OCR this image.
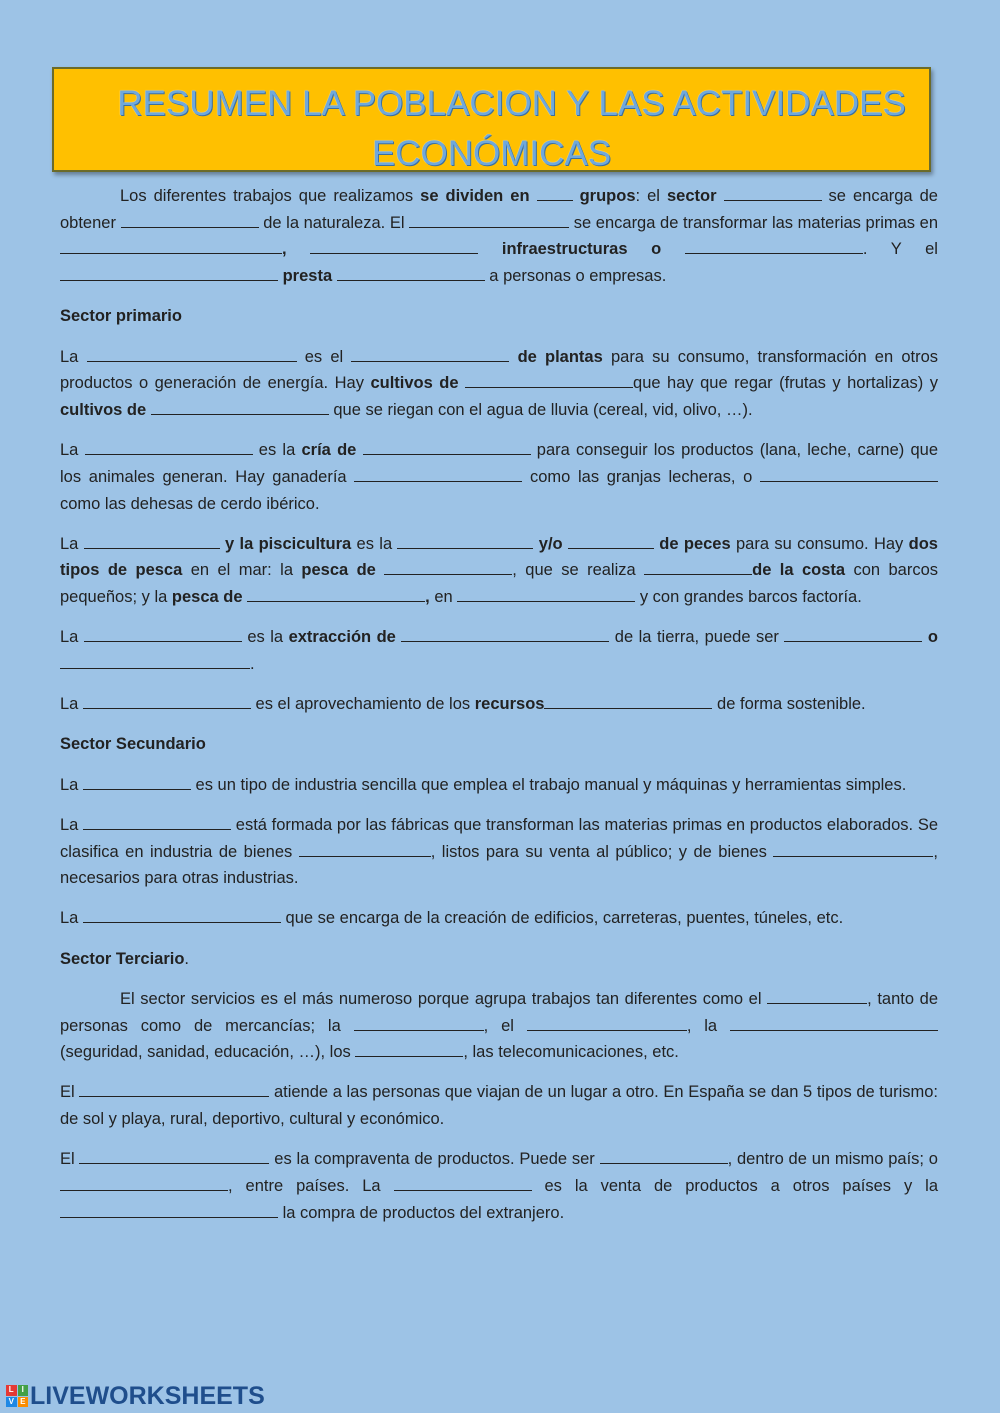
RESUMEN LA POBLACION Y LAS ACTIVIDADES
ECONÓMICAS

Los diferentes trabajos que realizamos se dividen en	grupos: el sector	se encarga de obtener	de la naturaleza. El	se encarga de transformar las materias primas en ,	infraestructuras o	. Y el  presta	a personas o empresas.

Sector primario

La	es el	de plantas para su consumo, transformación en otros productos o generación de energía. Hay cultivos de	que hay que regar (frutas y hortalizas) y cultivos de	que se riegan con el agua de lluvia (cereal, vid, olivo, …).

La	es la cría de	para conseguir los productos (lana, leche, carne) que los animales generan. Hay ganadería	como las granjas lecheras, o  como las dehesas de cerdo ibérico.

La	y la piscicultura es la	y/o	de peces para su consumo. Hay dos tipos de pesca en el mar: la pesca de	, que se realiza	de la costa con barcos pequeños; y la pesca de	, en	y con grandes barcos factoría.

La	es la extracción de	de la tierra, puede ser	o .

La	es el aprovechamiento de los recursos	de forma sostenible.

Sector Secundario

La	es un tipo de industria sencilla que emplea el trabajo manual y máquinas y herramientas simples.

La	está formada por las fábricas que transforman las materias primas en productos elaborados. Se clasifica en industria de bienes	, listos para su venta al público; y de bienes	, necesarios para otras industrias.

La	que se encarga de la creación de edificios, carreteras, puentes, túneles, etc.

Sector Terciario.

El sector servicios es el más numeroso porque agrupa trabajos tan diferentes como el	, tanto de personas como de mercancías; la	, el	, la  (seguridad, sanidad, educación, …), los	, las telecomunicaciones, etc.

El	atiende a las personas que viajan de un lugar a otro. En España se dan 5 tipos de turismo: de sol y playa, rural, deportivo, cultural y económico.

El	es la compraventa de productos. Puede ser	, dentro de un mismo país; o , entre países. La	es la venta de productos a otros países y la  la compra de productos del extranjero.

L I
V E LIVEWORKSHEETS
